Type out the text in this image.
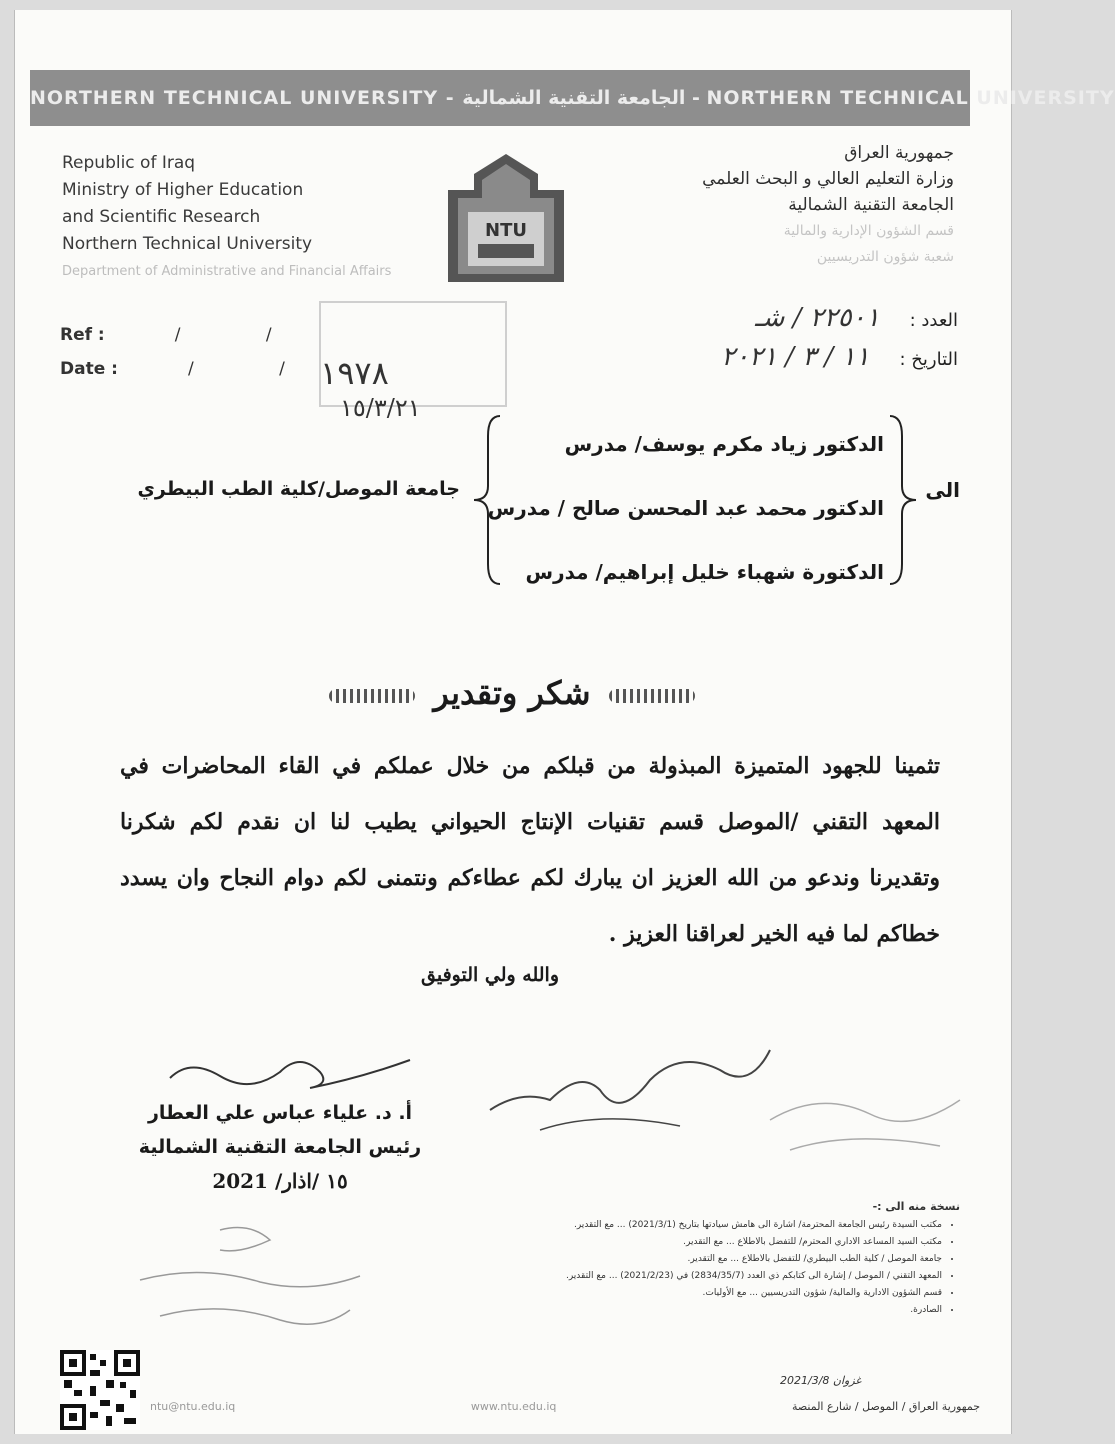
NORTHERN TECHNICAL UNIVERSITY - الجامعة التقنية الشمالية - NORTHERN TECHNICAL UNIVERSITY
Republic of Iraq
Ministry of Higher Education
and Scientific Research
Northern Technical University
Department of Administrative and Financial Affairs
NTU
جمهورية العراق
وزارة التعليم العالي و البحث العلمي
الجامعة التقنية الشمالية
قسم الشؤون الإدارية والمالية
شعبة شؤون التدريسيين
Ref :	/ /
Date :	/ /
١٩٧٨
١٥/٣/٢١
العدد :٢٢٥٠١ / شـ
التاريخ :١١ / ٣ / ٢٠٢١
الى
الدكتور زياد مكرم يوسف/ مدرس
الدكتور محمد عبد المحسن صالح / مدرس
الدكتورة شهباء خليل إبراهيم/ مدرس
جامعة الموصل/كلية الطب البيطري
شكر وتقدير
تثمينا للجهود المتميزة المبذولة من قبلكم من خلال عملكم في القاء المحاضرات في المعهد التقني /الموصل قسم تقنيات الإنتاج الحيواني يطيب لنا ان نقدم لكم شكرنا وتقديرنا وندعو من الله العزيز ان يبارك لكم عطاءكم ونتمنى لكم دوام النجاح وان يسدد خطاكم لما فيه الخير لعراقنا العزيز .
والله ولي التوفيق
أ. د. علياء عباس علي العطار
رئيس الجامعة التقنية الشمالية
١٥ /اذار/ 2021
نسخة منه الى :-
• مكتب السيدة رئيس الجامعة المحترمة/ اشارة الى هامش سيادتها بتاريخ (2021/3/1) ... مع التقدير.
• مكتب السيد المساعد الاداري المحترم/ للتفضل بالاطلاع ... مع التقدير.
• جامعة الموصل / كلية الطب البيطري/ للتفضل بالاطلاع ... مع التقدير.
• المعهد التقني / الموصل / إشارة الى كتابكم ذي العدد (2834/35/7) في (2021/2/23) ... مع التقدير.
• قسم الشؤون الادارية والمالية/ شؤون التدريسيين ... مع الأوليات.
• الصادرة.
2021/3/8 غزوان
جمهورية العراق / الموصل / شارع المنصة
www.ntu.edu.iq
ntu@ntu.edu.iq
